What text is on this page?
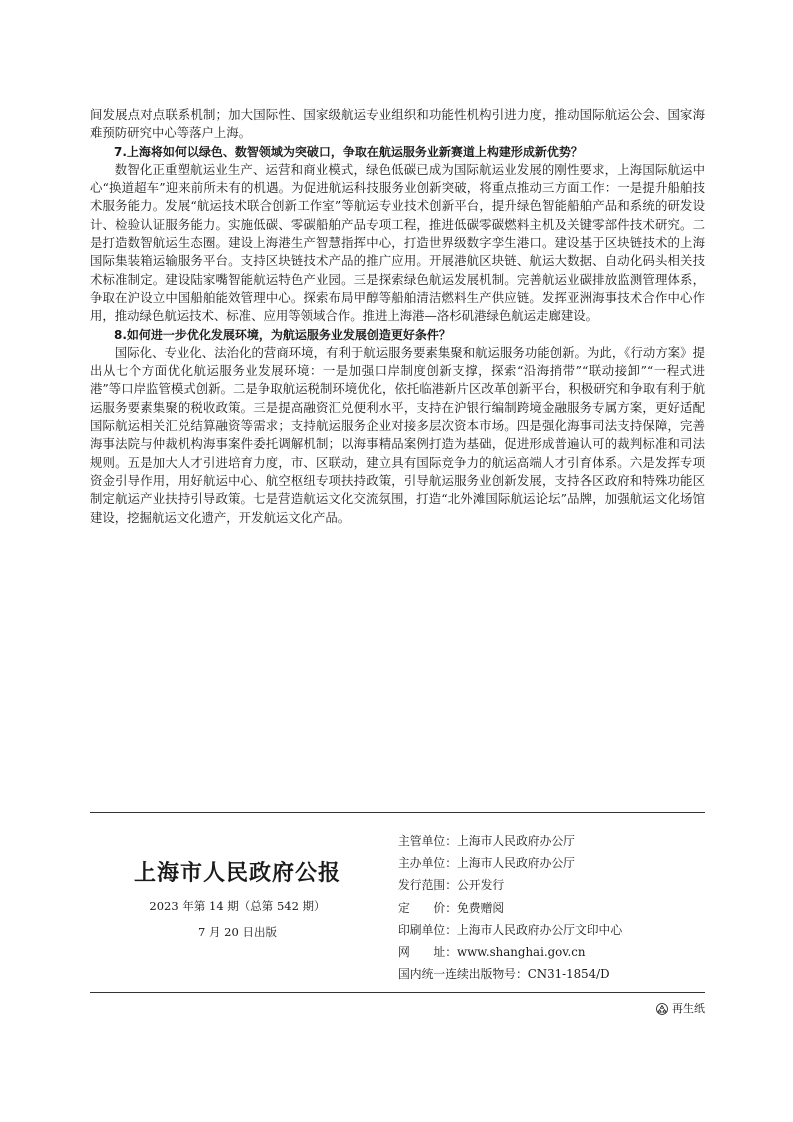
间发展点对点联系机制；加大国际性、国家级航运专业组织和功能性机构引进力度，推动国际航运公会、国家海难预防研究中心等落户上海。

7.上海将如何以绿色、数智领域为突破口，争取在航运服务业新赛道上构建形成新优势？

数智化正重塑航运业生产、运营和商业模式，绿色低碳已成为国际航运业发展的刚性要求，上海国际航运中心“换道超车”迎来前所未有的机遇。为促进航运科技服务业创新突破，将重点推动三方面工作：一是提升船舶技术服务能力。发展“航运技术联合创新工作室”等航运专业技术创新平台，提升绿色智能船舶产品和系统的研发设计、检验认证服务能力。实施低碳、零碳船舶产品专项工程，推进低碳零碳燃料主机及关键零部件技术研究。二是打造数智航运生态圈。建设上海港生产智慧指挥中心，打造世界级数字孪生港口。建设基于区块链技术的上海国际集装箱运输服务平台。支持区块链技术产品的推广应用。开展港航区块链、航运大数据、自动化码头相关技术标准制定。建设陆家嘴智能航运特色产业园。三是探索绿色航运发展机制。完善航运业碳排放监测管理体系，争取在沪设立中国船舶能效管理中心。探索布局甲醇等船舶清洁燃料生产供应链。发挥亚洲海事技术合作中心作用，推动绿色航运技术、标准、应用等领域合作。推进上海港—洛杉矶港绿色航运走廊建设。

8.如何进一步优化发展环境，为航运服务业发展创造更好条件？

国际化、专业化、法治化的营商环境，有利于航运服务要素集聚和航运服务功能创新。为此，《行动方案》提出从七个方面优化航运服务业发展环境：一是加强口岸制度创新支撑，探索“沿海捎带”“联动接卸”“一程式进港”等口岸监管模式创新。二是争取航运税制环境优化，依托临港新片区改革创新平台，积极研究和争取有利于航运服务要素集聚的税收政策。三是提高融资汇兑便利水平，支持在沪银行编制跨境金融服务专属方案，更好适配国际航运相关汇兑结算融资等需求；支持航运服务企业对接多层次资本市场。四是强化海事司法支持保障，完善海事法院与仲裁机构海事案件委托调解机制；以海事精品案例打造为基础，促进形成普遍认可的裁判标准和司法规则。五是加大人才引进培育力度，市、区联动，建立具有国际竞争力的航运高端人才引育体系。六是发挥专项资金引导作用，用好航运中心、航空枢纽专项扶持政策，引导航运服务业创新发展，支持各区政府和特殊功能区制定航运产业扶持引导政策。七是营造航运文化交流氛围，打造“北外滩国际航运论坛”品牌，加强航运文化场馆建设，挖掘航运文化遗产，开发航运文化产品。

上海市人民政府公报
2023 年第 14 期（总第 542 期）
7 月 20 日出版
主管单位：上海市人民政府办公厅
主办单位：上海市人民政府办公厅
发行范围：公开发行
定　　价：免费赠阅
印刷单位：上海市人民政府办公厅文印中心
网　　址：www.shanghai.gov.cn
国内统一连续出版物号：CN31-1854/D
再生纸
